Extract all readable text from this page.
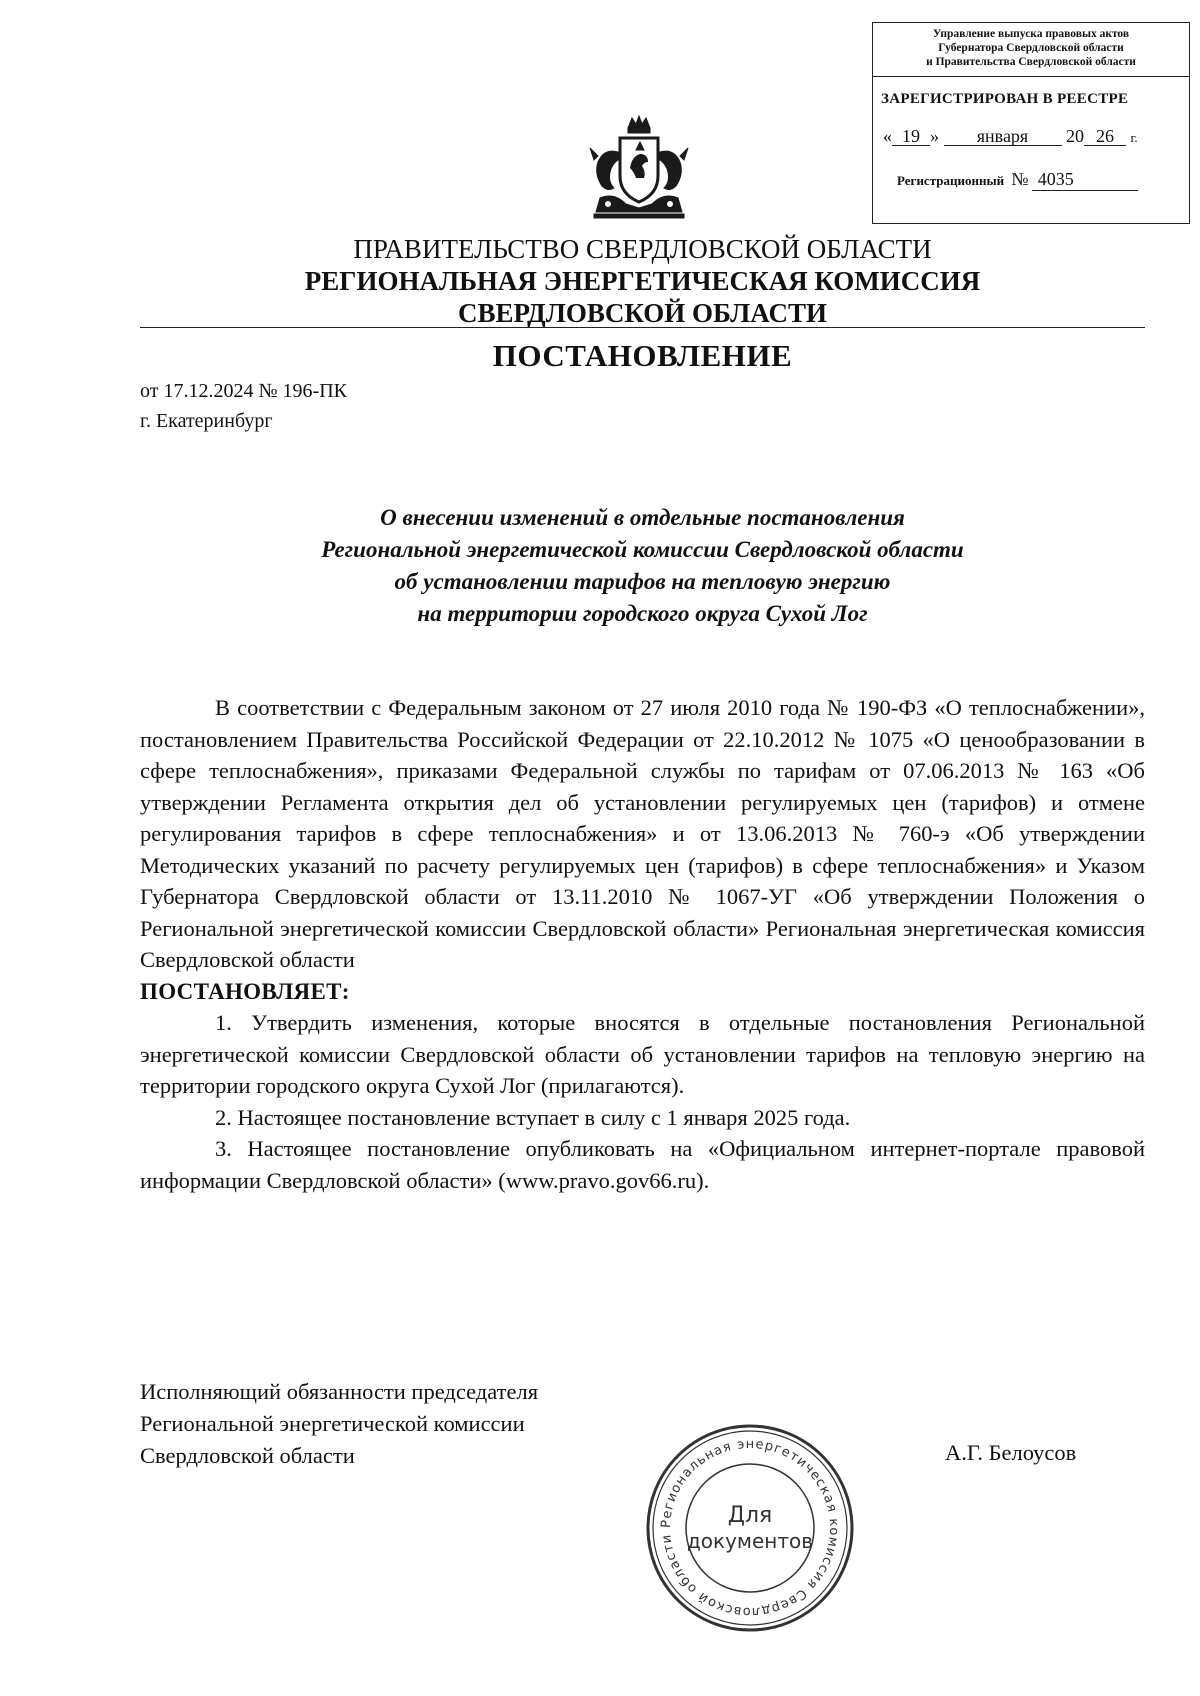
Управление выпуска правовых актов
Губернатора Свердловской области
и Правительства Свердловской области
ЗАРЕГИСТРИРОВАН В РЕЕСТРЕ
« 19 » января 20 26 г.
Регистрационный № 4035
ПРАВИТЕЛЬСТВО СВЕРДЛОВСКОЙ ОБЛАСТИ
РЕГИОНАЛЬНАЯ ЭНЕРГЕТИЧЕСКАЯ КОМИССИЯ
СВЕРДЛОВСКОЙ ОБЛАСТИ
ПОСТАНОВЛЕНИЕ
от 17.12.2024 № 196-ПК
г. Екатеринбург
О внесении изменений в отдельные постановления
Региональной энергетической комиссии Свердловской области
об установлении тарифов на тепловую энергию
на территории городского округа Сухой Лог

В соответствии с Федеральным законом от 27 июля 2010 года № 190-ФЗ «О теплоснабжении», постановлением Правительства Российской Федерации от 22.10.2012 № 1075 «О ценообразовании в сфере теплоснабжения», приказами Федеральной службы по тарифам от 07.06.2013 № 163 «Об утверждении Регламента открытия дел об установлении регулируемых цен (тарифов) и отмене регулирования тарифов в сфере теплоснабжения» и от 13.06.2013 № 760-э «Об утверждении Методических указаний по расчету регулируемых цен (тарифов) в сфере теплоснабжения» и Указом Губернатора Свердловской области от 13.11.2010 № 1067-УГ «Об утверждении Положения о Региональной энергетической комиссии Свердловской области» Региональная энергетическая комиссия Свердловской области

ПОСТАНОВЛЯЕТ:

1. Утвердить изменения, которые вносятся в отдельные постановления Региональной энергетической комиссии Свердловской области об установлении тарифов на тепловую энергию на территории городского округа Сухой Лог (прилагаются).

2. Настоящее постановление вступает в силу с 1 января 2025 года.

3. Настоящее постановление опубликовать на «Официальном интернет-портале правовой информации Свердловской области» (www.pravo.gov66.ru).

Исполняющий обязанности председателя
Региональной энергетической комиссии
Свердловской области	А.Г. Белоусов
Региональная энергетическая комиссия Свердловской области
Для
документов
